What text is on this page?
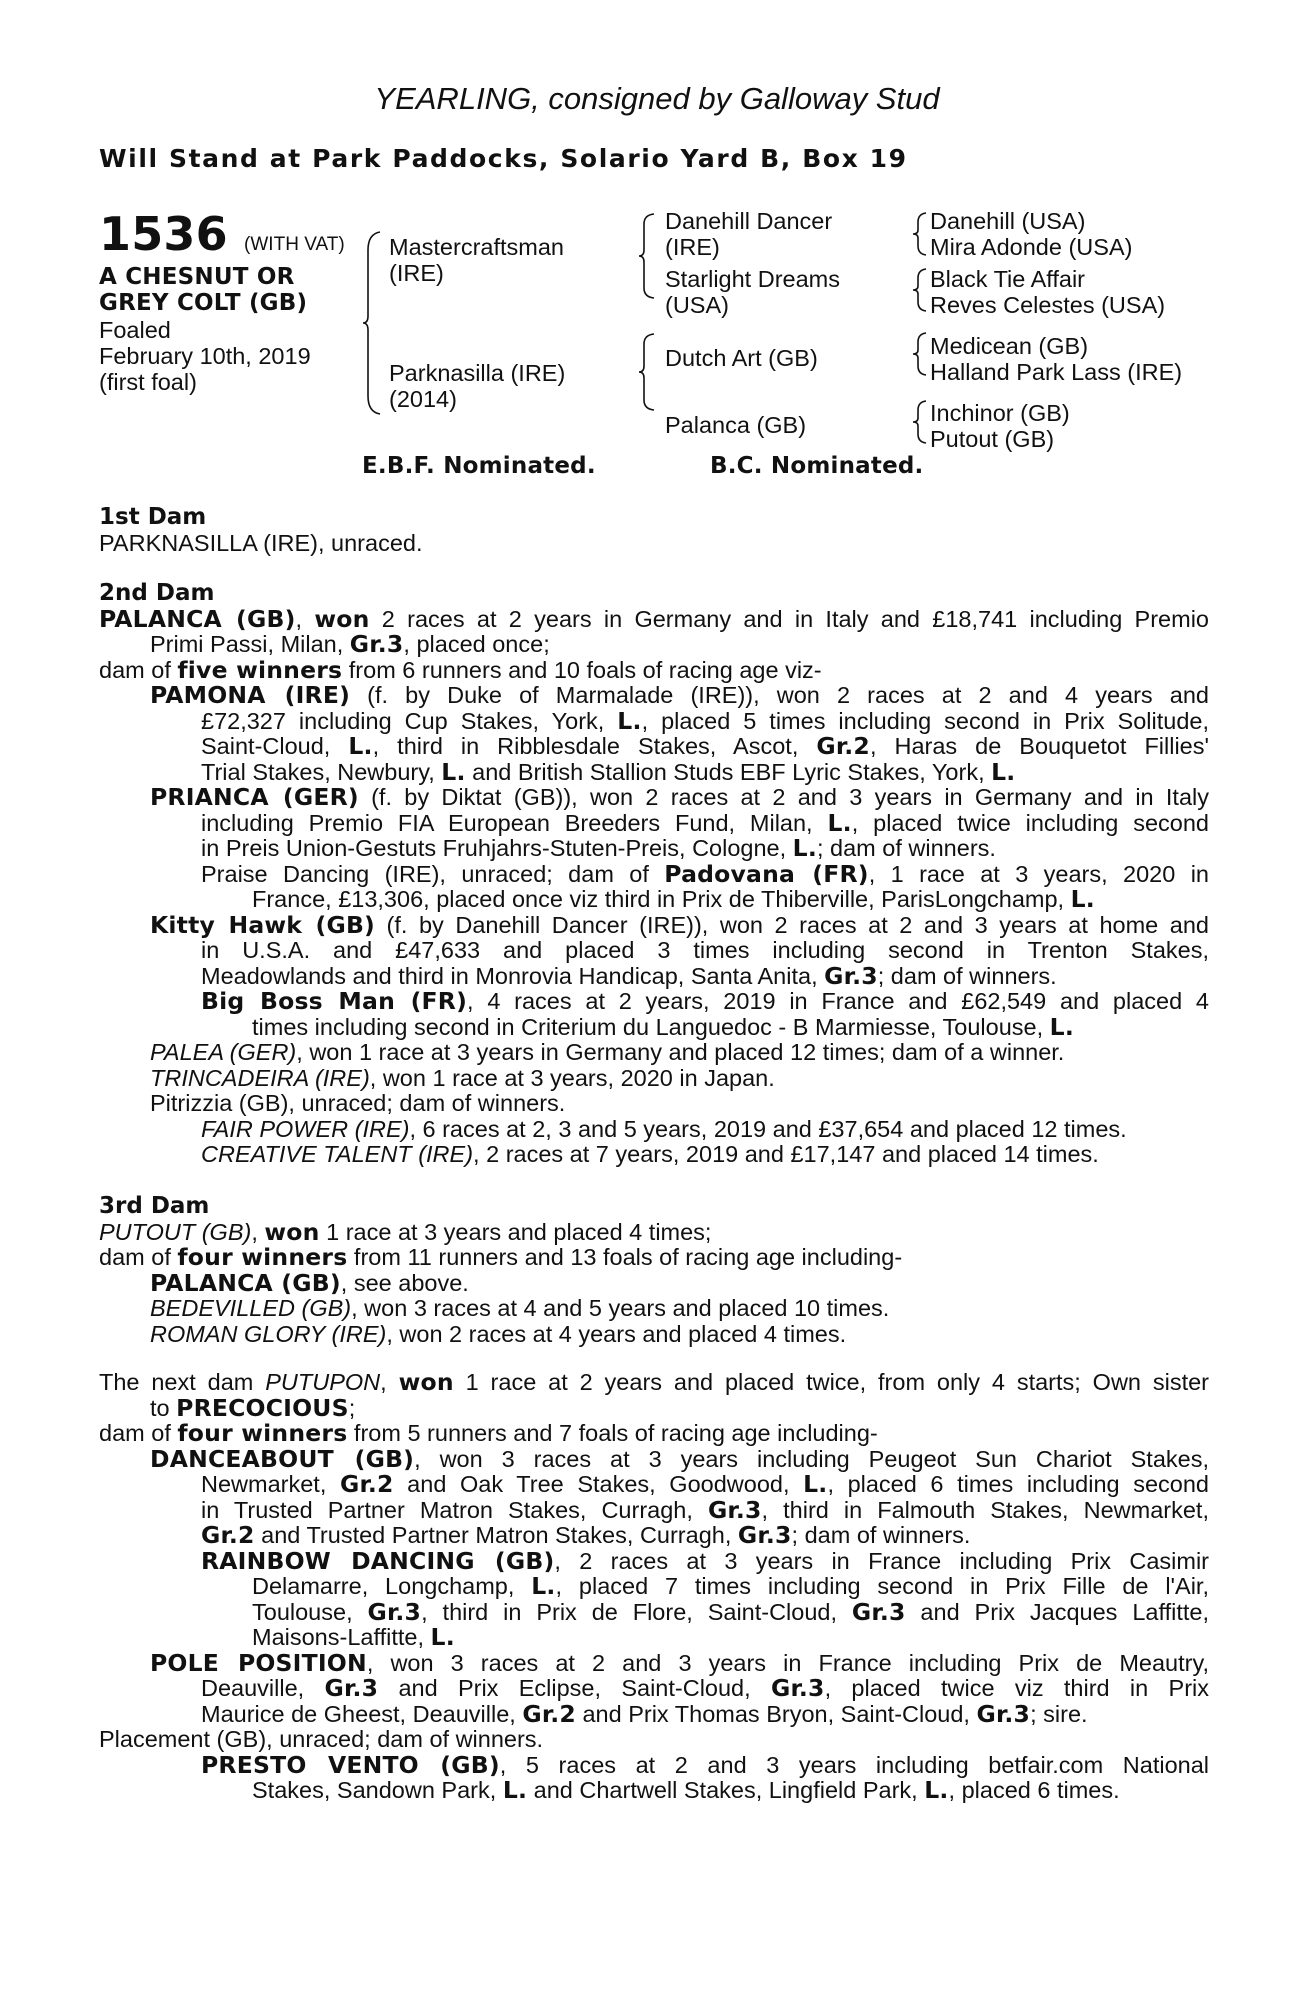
YEARLING, consigned by Galloway Stud
Will Stand at Park Paddocks, Solario Yard B, Box 19
1536 (WITH VAT)
A CHESNUT OR
GREY COLT (GB)
Foaled
February 10th, 2019
(first foal)
Mastercraftsman
(IRE)
Parknasilla (IRE)
(2014)
Danehill Dancer
(IRE)
Starlight Dreams
(USA)
Dutch Art (GB)
Palanca (GB)
Danehill (USA)
Mira Adonde (USA)
Black Tie Affair
Reves Celestes (USA)
Medicean (GB)
Halland Park Lass (IRE)
Inchinor (GB)
Putout (GB)
E.B.F. Nominated.	B.C. Nominated.
1st Dam
PARKNASILLA (IRE), unraced.
2nd Dam
PALANCA (GB), won 2 races at 2 years in Germany and in Italy and £18,741 including Premio
Primi Passi, Milan, Gr.3, placed once;
dam of five winners from 6 runners and 10 foals of racing age viz-
PAMONA (IRE) (f. by Duke of Marmalade (IRE)), won 2 races at 2 and 4 years and
£72,327 including Cup Stakes, York, L., placed 5 times including second in Prix Solitude,
Saint-Cloud, L., third in Ribblesdale Stakes, Ascot, Gr.2, Haras de Bouquetot Fillies'
Trial Stakes, Newbury, L. and British Stallion Studs EBF Lyric Stakes, York, L.
PRIANCA (GER) (f. by Diktat (GB)), won 2 races at 2 and 3 years in Germany and in Italy
including Premio FIA European Breeders Fund, Milan, L., placed twice including second
in Preis Union-Gestuts Fruhjahrs-Stuten-Preis, Cologne, L.; dam of winners.
Praise Dancing (IRE), unraced; dam of Padovana (FR), 1 race at 3 years, 2020 in
France, £13,306, placed once viz third in Prix de Thiberville, ParisLongchamp, L.
Kitty Hawk (GB) (f. by Danehill Dancer (IRE)), won 2 races at 2 and 3 years at home and
in U.S.A. and £47,633 and placed 3 times including second in Trenton Stakes,
Meadowlands and third in Monrovia Handicap, Santa Anita, Gr.3; dam of winners.
Big Boss Man (FR), 4 races at 2 years, 2019 in France and £62,549 and placed 4
times including second in Criterium du Languedoc - B Marmiesse, Toulouse, L.
PALEA (GER), won 1 race at 3 years in Germany and placed 12 times; dam of a winner.
TRINCADEIRA (IRE), won 1 race at 3 years, 2020 in Japan.
Pitrizzia (GB), unraced; dam of winners.
FAIR POWER (IRE), 6 races at 2, 3 and 5 years, 2019 and £37,654 and placed 12 times.
CREATIVE TALENT (IRE), 2 races at 7 years, 2019 and £17,147 and placed 14 times.
3rd Dam
PUTOUT (GB), won 1 race at 3 years and placed 4 times;
dam of four winners from 11 runners and 13 foals of racing age including-
PALANCA (GB), see above.
BEDEVILLED (GB), won 3 races at 4 and 5 years and placed 10 times.
ROMAN GLORY (IRE), won 2 races at 4 years and placed 4 times.
The next dam PUTUPON, won 1 race at 2 years and placed twice, from only 4 starts; Own sister
to PRECOCIOUS;
dam of four winners from 5 runners and 7 foals of racing age including-
DANCEABOUT (GB), won 3 races at 3 years including Peugeot Sun Chariot Stakes,
Newmarket, Gr.2 and Oak Tree Stakes, Goodwood, L., placed 6 times including second
in Trusted Partner Matron Stakes, Curragh, Gr.3, third in Falmouth Stakes, Newmarket,
Gr.2 and Trusted Partner Matron Stakes, Curragh, Gr.3; dam of winners.
RAINBOW DANCING (GB), 2 races at 3 years in France including Prix Casimir
Delamarre, Longchamp, L., placed 7 times including second in Prix Fille de l'Air,
Toulouse, Gr.3, third in Prix de Flore, Saint-Cloud, Gr.3 and Prix Jacques Laffitte,
Maisons-Laffitte, L.
POLE POSITION, won 3 races at 2 and 3 years in France including Prix de Meautry,
Deauville, Gr.3 and Prix Eclipse, Saint-Cloud, Gr.3, placed twice viz third in Prix
Maurice de Gheest, Deauville, Gr.2 and Prix Thomas Bryon, Saint-Cloud, Gr.3; sire.
Placement (GB), unraced; dam of winners.
PRESTO VENTO (GB), 5 races at 2 and 3 years including betfair.com National
Stakes, Sandown Park, L. and Chartwell Stakes, Lingfield Park, L., placed 6 times.
